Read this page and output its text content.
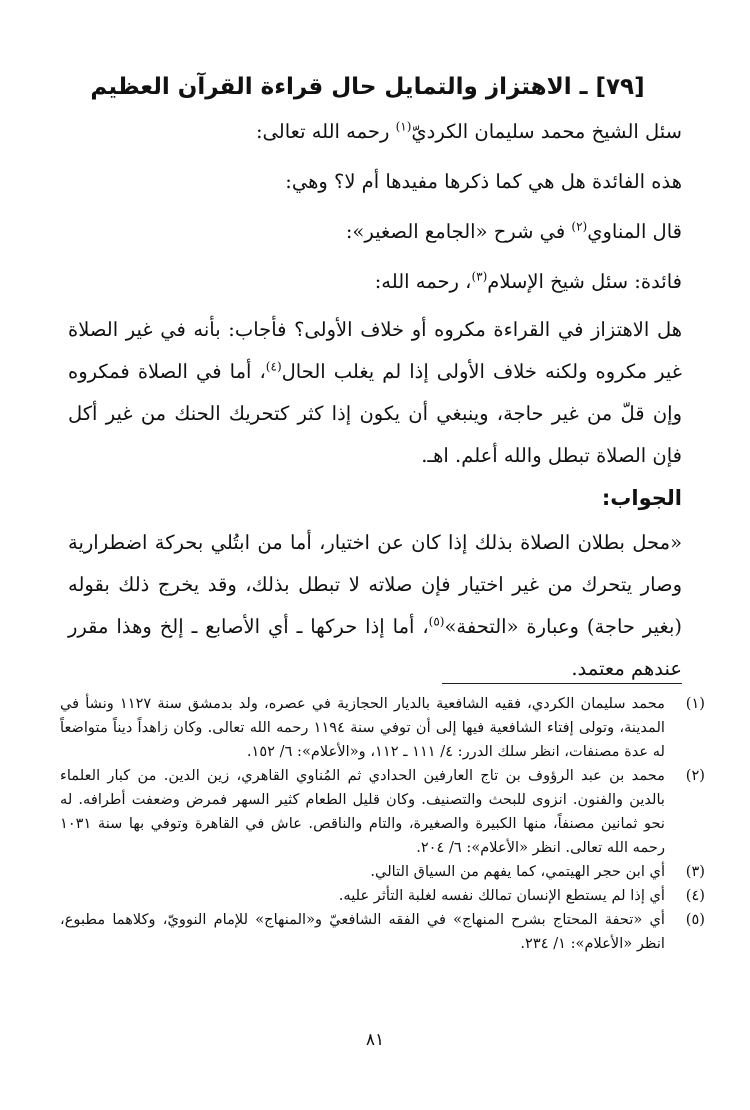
[٧٩] ـ الاهتزاز والتمايل حال قراءة القرآن العظيم
سئل الشيخ محمد سليمان الكرديّ$^{(١)}$ رحمه الله تعالى:
هذه الفائدة هل هي كما ذكرها مفيدها أم لا؟ وهي:
قال المناوي$^{(٢)}$ في شرح «الجامع الصغير»:
فائدة: سئل شيخ الإسلام$^{(٣)}$، رحمه الله:
هل الاهتزاز في القراءة مكروه أو خلاف الأولى؟ فأجاب: بأنه في غير الصلاة غير مكروه ولكنه خلاف الأولى إذا لم يغلب الحال$^{(٤)}$، أما في الصلاة فمكروه وإن قلّ من غير حاجة، وينبغي أن يكون إذا كثر كتحريك الحنك من غير أكل فإن الصلاة تبطل والله أعلم. اهـ.
الجواب:
«محل بطلان الصلاة بذلك إذا كان عن اختيار، أما من ابتُلي بحركة اضطرارية وصار يتحرك من غير اختيار فإن صلاته لا تبطل بذلك، وقد يخرج ذلك بقوله (بغير حاجة) وعبارة «التحفة»$^{(٥)}$، أما إذا حركها ـ أي الأصابع ـ إلخ وهذا مقرر عندهم معتمد.
(١)
محمد سليمان الكردي، فقيه الشافعية بالديار الحجازية في عصره، ولد بدمشق سنة ١١٢٧ ونشأ في المدينة، وتولى إفتاء الشافعية فيها إلى أن توفي سنة ١١٩٤ رحمه الله تعالى. وكان زاهداً ديناً متواضعاً له عدة مصنفات، انظر سلك الدرر: ٤/ ١١١ ـ ١١٢، و«الأعلام»: ٦/ ١٥٢.
(٢)
محمد بن عبد الرؤوف بن تاج العارفين الحدادي ثم المُناوي القاهري، زين الدين. من كبار العلماء بالدين والفنون. انزوى للبحث والتصنيف. وكان قليل الطعام كثير السهر فمرض وضعفت أطرافه. له نحو ثمانين مصنفاً، منها الكبيرة والصغيرة، والتام والناقص. عاش في القاهرة وتوفي بها سنة ١٠٣١ رحمه الله تعالى. انظر «الأعلام»: ٦/ ٢٠٤.
(٣)
أي ابن حجر الهيتمي، كما يفهم من السياق التالي.
(٤)
أي إذا لم يستطع الإنسان تمالك نفسه لغلبة التأثر عليه.
(٥)
أي «تحفة المحتاج بشرح المنهاج» في الفقه الشافعيّ و«المنهاج» للإمام النوويّ، وكلاهما مطبوع، انظر «الأعلام»: ١/ ٢٣٤.
٨١
